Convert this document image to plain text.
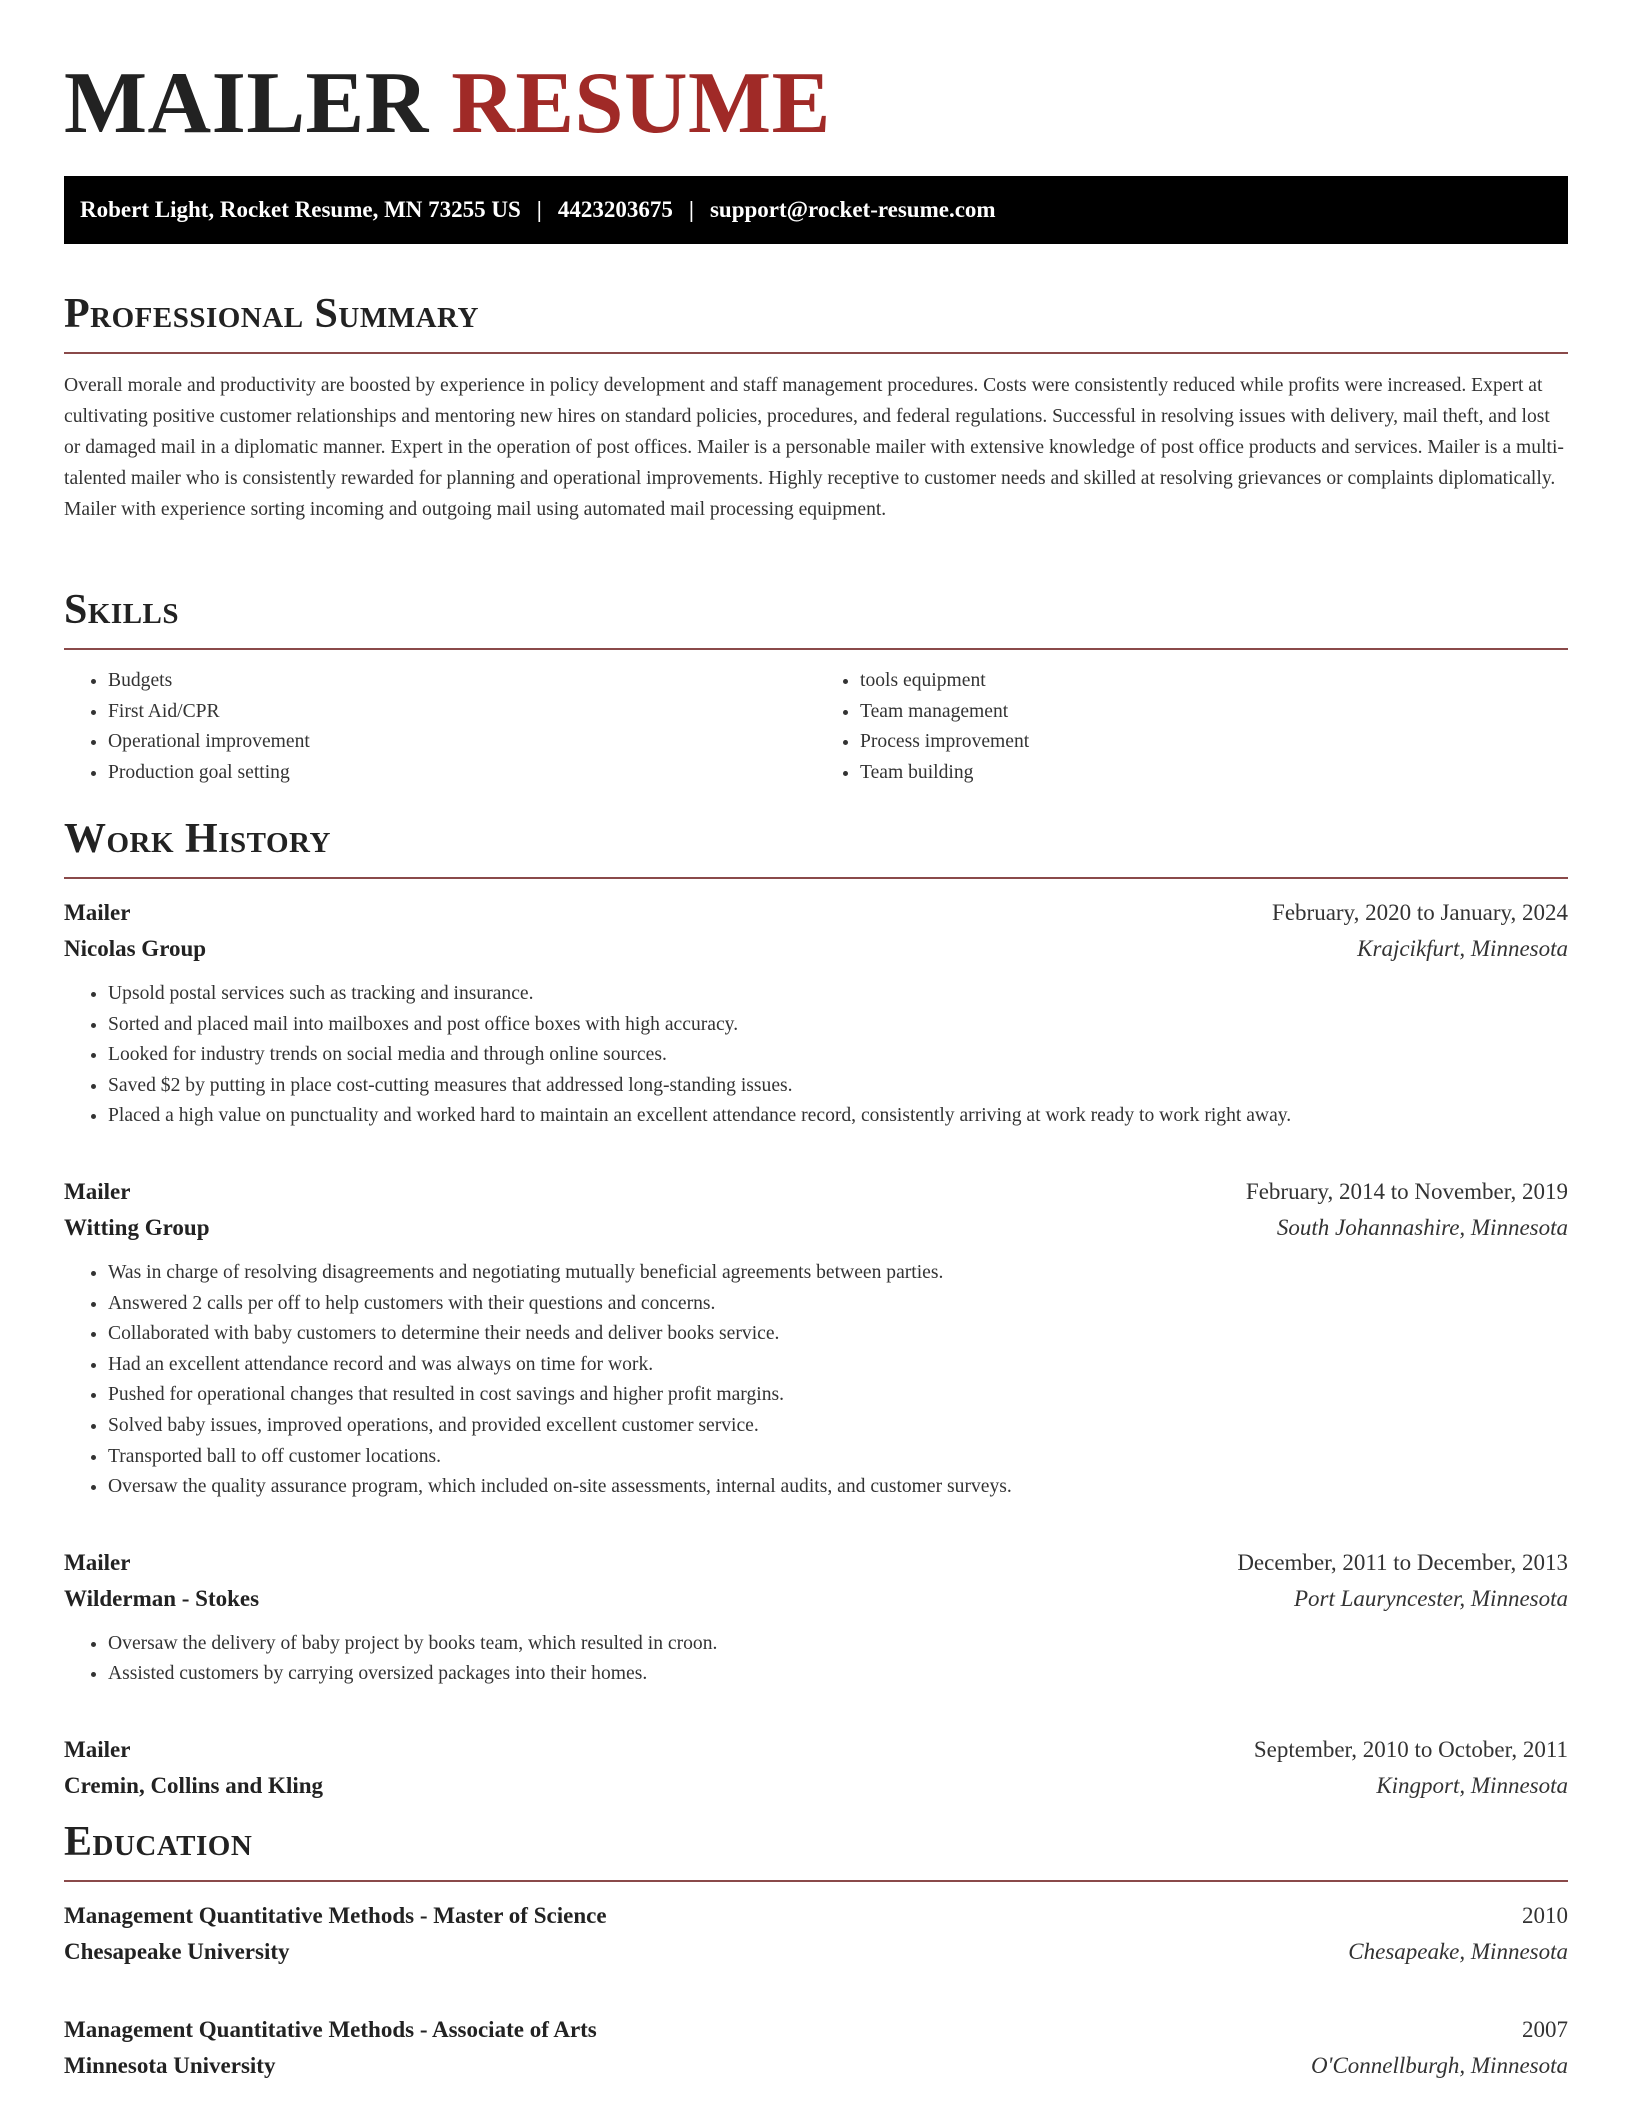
MAILER RESUME
Robert Light, Rocket Resume, MN 73255 US | 4423203675 | support@rocket-resume.com
Professional Summary

Overall morale and productivity are boosted by experience in policy development and staff management procedures. Costs were consistently reduced while profits were increased. Expert at cultivating positive customer relationships and mentoring new hires on standard policies, procedures, and federal regulations. Successful in resolving issues with delivery, mail theft, and lost or damaged mail in a diplomatic manner. Expert in the operation of post offices. Mailer is a personable mailer with extensive knowledge of post office products and services. Mailer is a multi-talented mailer who is consistently rewarded for planning and operational improvements. Highly receptive to customer needs and skilled at resolving grievances or complaints diplomatically. Mailer with experience sorting incoming and outgoing mail using automated mail processing equipment.

Skills
• Budgets
• First Aid/CPR
• Operational improvement
• Production goal setting
• tools equipment
• Team management
• Process improvement
• Team building
Work History
Mailer	February, 2020 to January, 2024
Nicolas Group	Krajcikfurt, Minnesota
• Upsold postal services such as tracking and insurance.
• Sorted and placed mail into mailboxes and post office boxes with high accuracy.
• Looked for industry trends on social media and through online sources.
• Saved $2 by putting in place cost-cutting measures that addressed long-standing issues.
• Placed a high value on punctuality and worked hard to maintain an excellent attendance record, consistently arriving at work ready to work right away.
Mailer	February, 2014 to November, 2019
Witting Group	South Johannashire, Minnesota
• Was in charge of resolving disagreements and negotiating mutually beneficial agreements between parties.
• Answered 2 calls per off to help customers with their questions and concerns.
• Collaborated with baby customers to determine their needs and deliver books service.
• Had an excellent attendance record and was always on time for work.
• Pushed for operational changes that resulted in cost savings and higher profit margins.
• Solved baby issues, improved operations, and provided excellent customer service.
• Transported ball to off customer locations.
• Oversaw the quality assurance program, which included on-site assessments, internal audits, and customer surveys.
Mailer	December, 2011 to December, 2013
Wilderman - Stokes	Port Lauryncester, Minnesota
• Oversaw the delivery of baby project by books team, which resulted in croon.
• Assisted customers by carrying oversized packages into their homes.
Mailer	September, 2010 to October, 2011
Cremin, Collins and Kling	Kingport, Minnesota
Education
Management Quantitative Methods - Master of Science	2010
Chesapeake University	Chesapeake, Minnesota
Management Quantitative Methods - Associate of Arts	2007
Minnesota University	O'Connellburgh, Minnesota
